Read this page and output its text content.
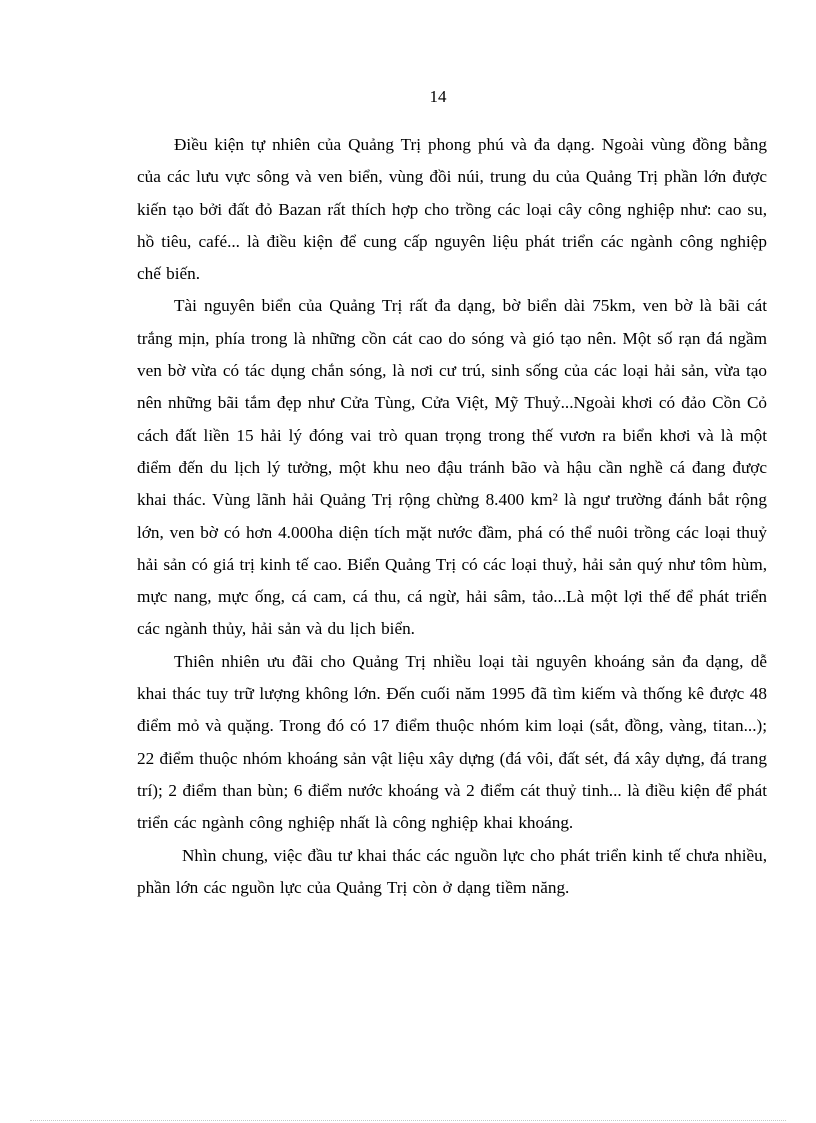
14

Điều kiện tự nhiên của Quảng Trị phong phú và đa dạng. Ngoài vùng đồng bằng của các lưu vực sông và ven biển, vùng đồi núi, trung du của Quảng Trị phần lớn được kiến tạo bởi đất đỏ Bazan rất thích hợp cho trồng các loại cây công nghiệp như: cao su, hồ tiêu, café... là điều kiện để cung cấp nguyên liệu phát triển các ngành công nghiệp chế biến.

Tài nguyên biển của Quảng Trị rất đa dạng, bờ biển dài 75km, ven bờ là bãi cát trắng mịn, phía trong là những cồn cát cao do sóng và gió tạo nên. Một số rạn đá ngầm ven bờ vừa có tác dụng chắn sóng, là nơi cư trú, sinh sống của các loại hải sản, vừa tạo nên những bãi tắm đẹp như Cửa Tùng, Cửa Việt, Mỹ Thuỷ...Ngoài khơi có đảo Cồn Cỏ cách đất liền 15 hải lý đóng vai trò quan trọng trong thế vươn ra biển khơi và là một điểm đến du lịch lý tưởng, một khu neo đậu tránh bão và hậu cần nghề cá đang được khai thác. Vùng lãnh hải Quảng Trị rộng chừng 8.400 km² là ngư trường đánh bắt rộng lớn, ven bờ có hơn 4.000ha diện tích mặt nước đầm, phá có thể nuôi trồng các loại thuỷ hải sản có giá trị kinh tế cao. Biển Quảng Trị có các loại thuỷ, hải sản quý như tôm hùm, mực nang, mực ống, cá cam, cá thu, cá ngừ, hải sâm, tảo...Là một lợi thế để phát triển các ngành thủy, hải sản và du lịch biển.

Thiên nhiên ưu đãi cho Quảng Trị nhiều loại tài nguyên khoáng sản đa dạng, dễ khai thác tuy trữ lượng không lớn. Đến cuối năm 1995 đã tìm kiếm và thống kê được 48 điểm mỏ và quặng. Trong đó có 17 điểm thuộc nhóm kim loại (sắt, đồng, vàng, titan...); 22 điểm thuộc nhóm khoáng sản vật liệu xây dựng (đá vôi, đất sét, đá xây dựng, đá trang trí); 2 điểm than bùn; 6 điểm nước khoáng và 2 điểm cát thuỷ tinh... là điều kiện để phát triển các ngành công nghiệp nhất là công nghiệp khai khoáng.

Nhìn chung, việc đầu tư khai thác các nguồn lực cho phát triển kinh tế chưa nhiều, phần lớn các nguồn lực của Quảng Trị còn ở dạng tiềm năng.
